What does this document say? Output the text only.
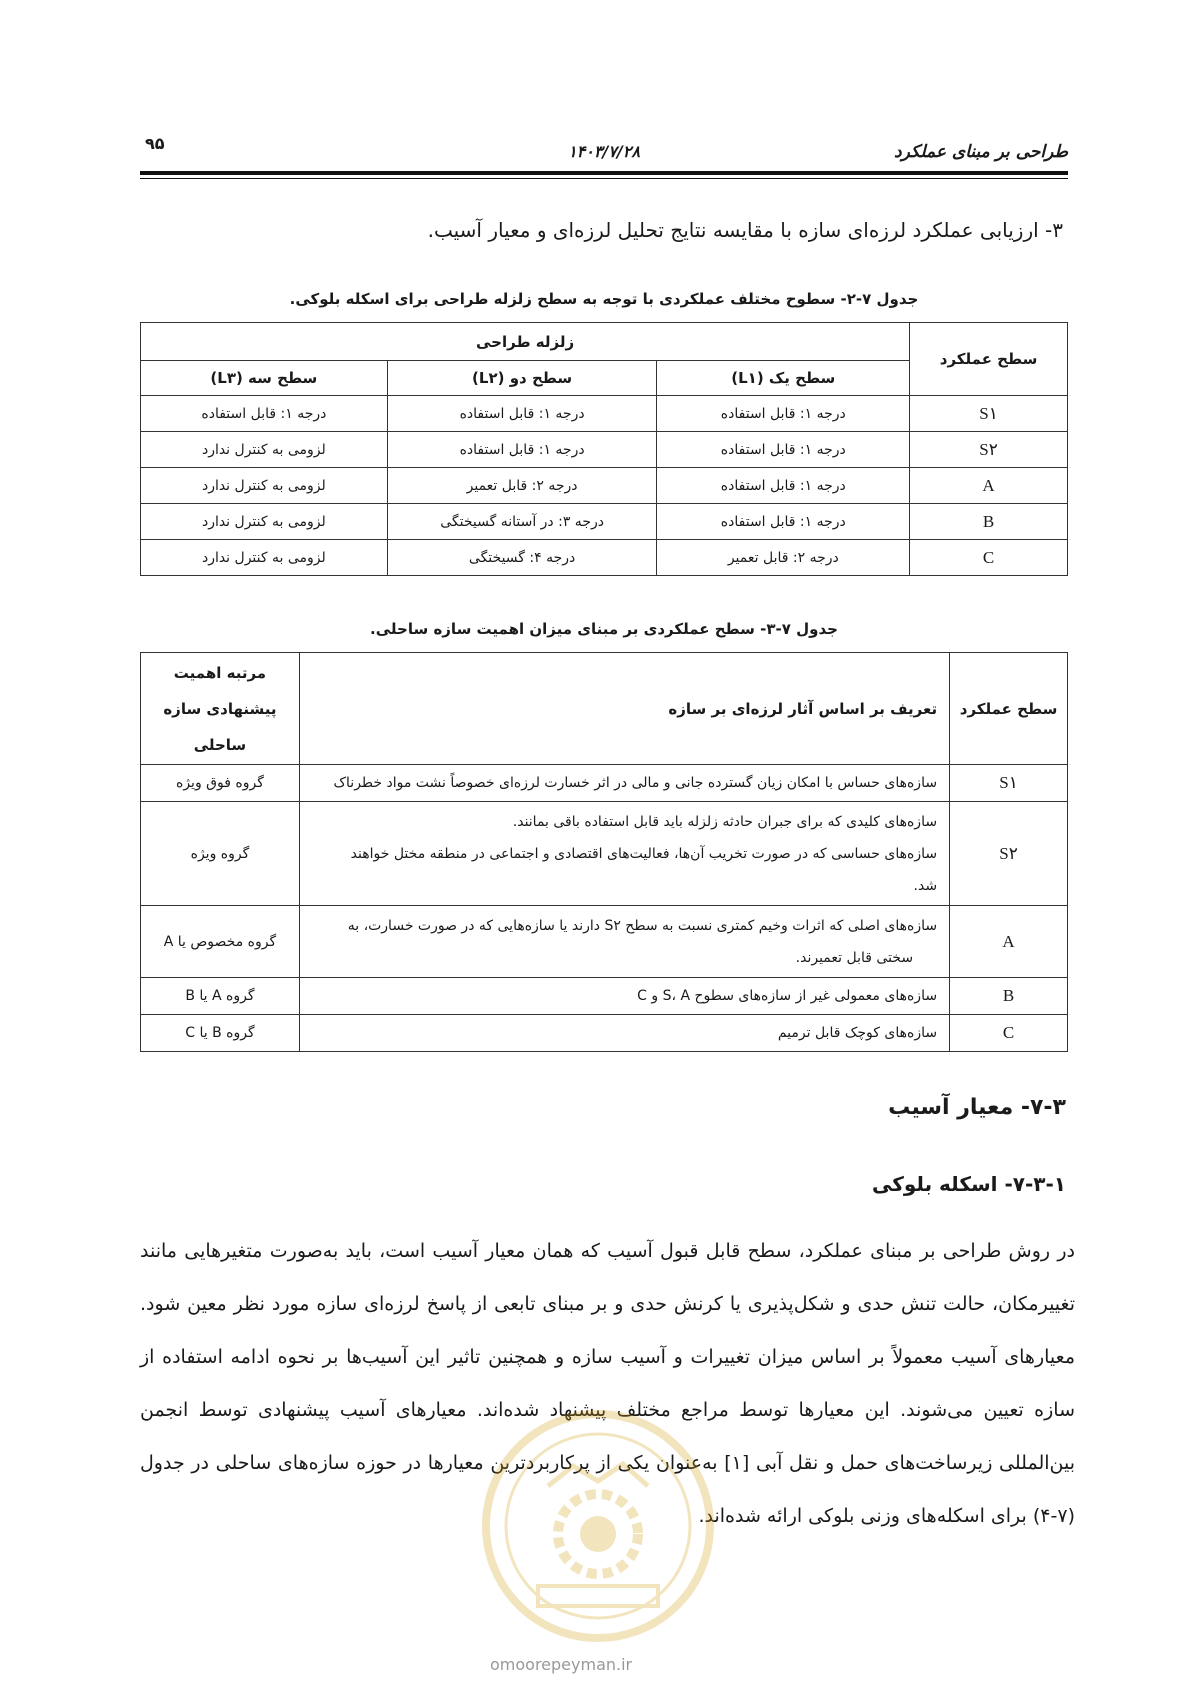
طراحی بر مبنای عملکرد
۱۴۰۳/۷/۲۸
۹۵
۳- ارزیابی عملکرد لرزه‌ای سازه با مقایسه نتایج تحلیل لرزه‌ای و معیار آسیب.
جدول ۷-۲- سطوح مختلف عملکردی با توجه به سطح زلزله طراحی برای اسکله بلوکی.
سطح عملکرد	زلزله طراحی		
	سطح یک (L۱)	سطح دو (L۲)	سطح سه (L۳)
S۱	درجه ۱: قابل استفاده	درجه ۱: قابل استفاده	درجه ۱: قابل استفاده
S۲	درجه ۱: قابل استفاده	درجه ۱: قابل استفاده	لزومی به کنترل ندارد
A	درجه ۱: قابل استفاده	درجه ۲: قابل تعمیر	لزومی به کنترل ندارد
B	درجه ۱: قابل استفاده	درجه ۳: در آستانه گسیختگی	لزومی به کنترل ندارد
C	درجه ۲: قابل تعمیر	درجه ۴: گسیختگی	لزومی به کنترل ندارد
جدول ۷-۳- سطح عملکردی بر مبنای میزان اهمیت سازه ساحلی.
سطح عملکرد	تعریف بر اساس آثار لرزه‌ای بر سازه	مرتبه اهمیت
پیشنهادی سازه
ساحلی

S۱	سازه‌های حساس با امکان زیان گسترده جانی و مالی در اثر خسارت لرزه‌ای خصوصاً نشت مواد خطرناک	گروه فوق ویژه
S۲	سازه‌های کلیدی که برای جبران حادثه زلزله باید قابل استفاده باقی بمانند.
سازه‌های حساسی که در صورت تخریب آن‌ها، فعالیت‌های اقتصادی و اجتماعی در منطقه مختل خواهند
شد.	گروه ویژه
A	سازه‌های اصلی که اثرات وخیم کمتری نسبت به سطح S۲ دارند یا سازه‌هایی که در صورت خسارت، به
سختی قابل تعمیرند.	گروه مخصوص یا A
B	سازه‌های معمولی غیر از سازه‌های سطوح S، A و C	گروه A یا B
C	سازه‌های کوچک قابل ترمیم	گروه B یا C
۷-۳- معیار آسیب
۷-۳-۱- اسکله بلوکی
در روش طراحی بر مبنای عملکرد، سطح قابل قبول آسیب که همان معیار آسیب است، باید به‌صورت متغیرهایی مانند تغییرمکان، حالت تنش حدی و شکل‌پذیری یا کرنش حدی و بر مبنای تابعی از پاسخ لرزه‌ای سازه مورد نظر معین شود. معیارهای آسیب معمولاً بر اساس میزان تغییرات و آسیب سازه و همچنین تاثیر این آسیب‌ها بر نحوه ادامه استفاده از سازه تعیین می‌شوند. این معیارها توسط مراجع مختلف پیشنهاد شده‌اند. معیارهای آسیب پیشنهادی توسط انجمن بین‌المللی زیرساخت‌های حمل و نقل آبی [۱] به‌عنوان یکی از پرکاربردترین معیارها در حوزه سازه‌های ساحلی در جدول (۷-۴) برای اسکله‌های وزنی بلوکی ارائه شده‌اند.
omoorepeyman.ir
